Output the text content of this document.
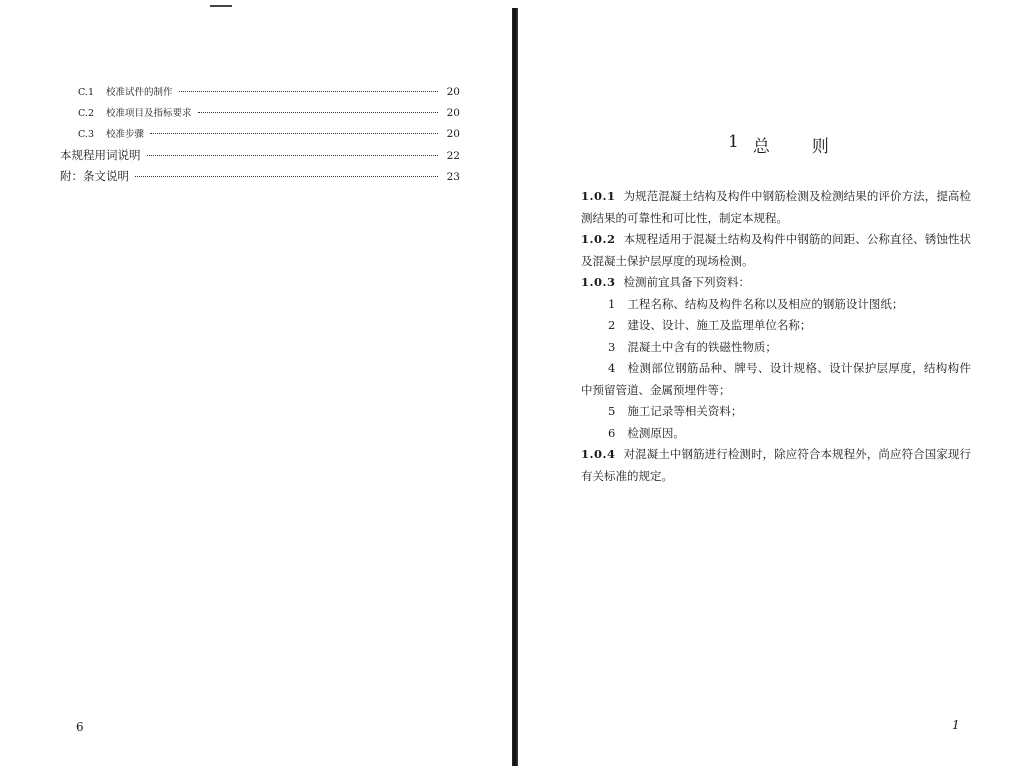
C.1 校准试件的制作	20
C.2 校准项目及指标要求	20
C.3 校准步骤	20
本规程用词说明	22
附：条文说明	23
6
1 总 则

1.0.1 为规范混凝土结构及构件中钢筋检测及检测结果的评价方法，提高检测结果的可靠性和可比性，制定本规程。

1.0.2 本规程适用于混凝土结构及构件中钢筋的间距、公称直径、锈蚀性状及混凝土保护层厚度的现场检测。

1.0.3 检测前宜具备下列资料：

1 工程名称、结构及构件名称以及相应的钢筋设计图纸；

2 建设、设计、施工及监理单位名称；

3 混凝土中含有的铁磁性物质；

4 检测部位钢筋品种、牌号、设计规格、设计保护层厚度，结构构件中预留管道、金属预埋件等；

5 施工记录等相关资料；

6 检测原因。

1.0.4 对混凝土中钢筋进行检测时，除应符合本规程外，尚应符合国家现行有关标准的规定。

1
